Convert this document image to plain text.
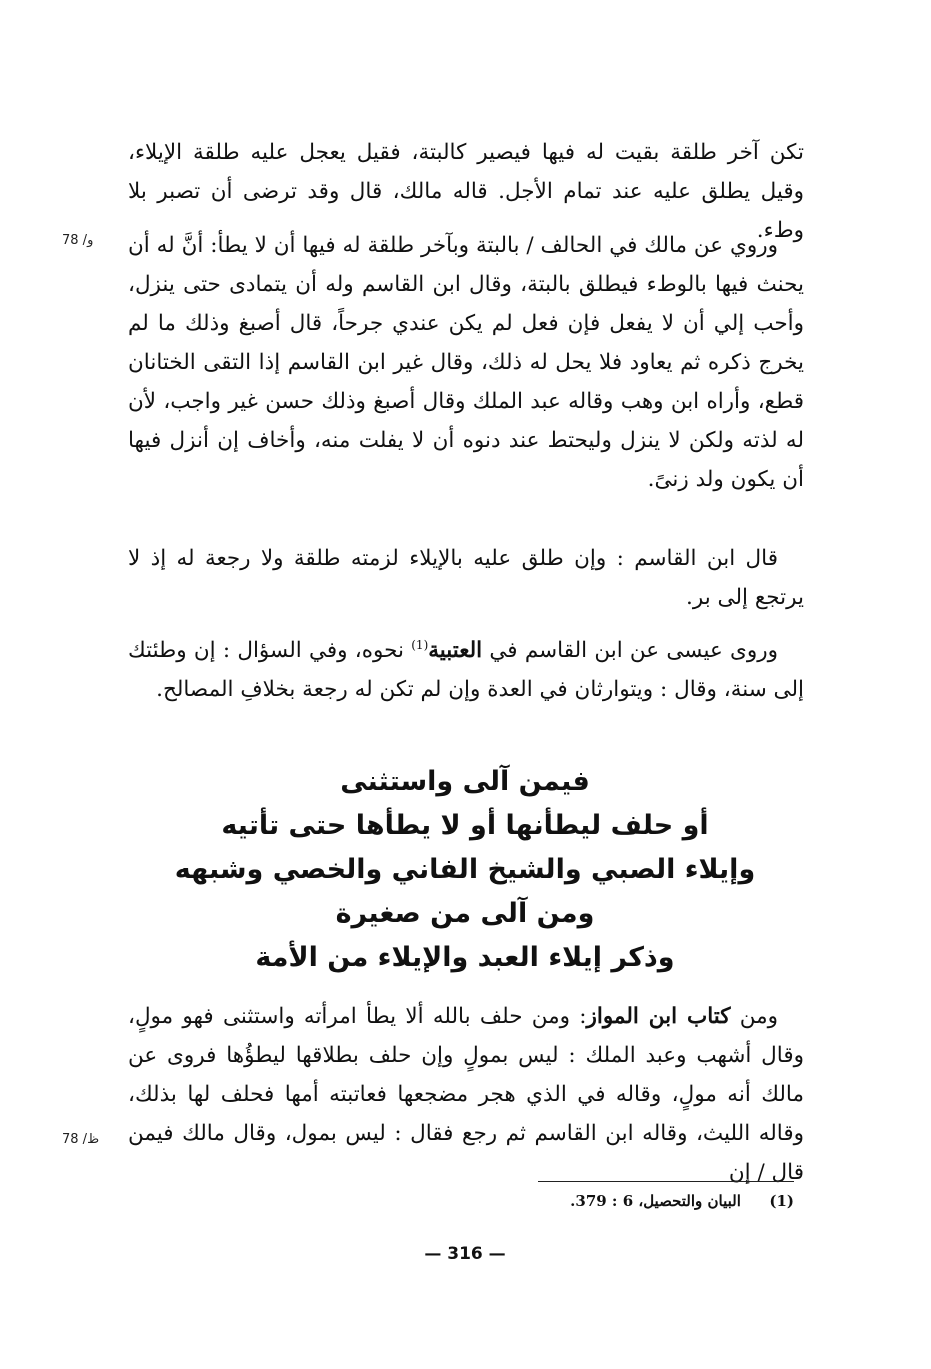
تكن آخر طلقة بقيت له فيها فيصير كالبتة، فقيل يعجل عليه طلقة الإيلاء، وقيل يطلق عليه عند تمام الأجل. قاله مالك، قال وقد ترضى أن تصبر بلا وطء.

وروي عن مالك في الحالف / بالبتة وبآخر طلقة له فيها أن لا يطأ: أنَّ له أن يحنث فيها بالوطء فيطلق بالبتة، وقال ابن القاسم وله أن يتمادى حتى ينزل، وأحب إلي أن لا يفعل فإن فعل لم يكن عندي جرحاً، قال أصبغ وذلك ما لم يخرج ذكره ثم يعاود فلا يحل له ذلك، وقال غير ابن القاسم إذا التقى الختانان قطع، وأراه ابن وهب وقاله عبد الملك وقال أصبغ وذلك حسن غير واجب، لأن له لذته ولكن لا ينزل وليحتط عند دنوه أن لا يفلت منه، وأخاف إن أنزل فيها أن يكون ولد زنىً.

قال ابن القاسم : وإن طلق عليه بالإيلاء لزمته طلقة ولا رجعة له إذ لا يرتجع إلى بر.

وروى عيسى عن ابن القاسم في العتبية$^{(1)}$ نحوه، وفي السؤال : إن وطئتك إلى سنة، وقال : ويتوارثان في العدة وإن لم تكن له رجعة بخلافِ المصالح.

78 /و
78 /ظ
فيمن آلى واستثنى
أو حلف ليطأنها أو لا يطأها حتى تأتيه
وإيلاء الصبي والشيخ الفاني والخصي وشبهه
ومن آلى من صغيرة
وذكر إيلاء العبد والإيلاء من الأمة

ومن كتاب ابن المواز: ومن حلف بالله ألا يطأ امرأته واستثنى فهو مولٍ، وقال أشهب وعبد الملك : ليس بمولٍ وإن حلف بطلاقها ليطؤُها فروى عن مالك أنه مولٍ، وقاله في الذي هجر مضجعها فعاتبته أمها فحلف لها بذلك، وقاله الليث، وقاله ابن القاسم ثم رجع فقال : ليس بمول، وقال مالك فيمن قال / إن

(1)  البيان والتحصيل، 6 : 379.
— 316 —
